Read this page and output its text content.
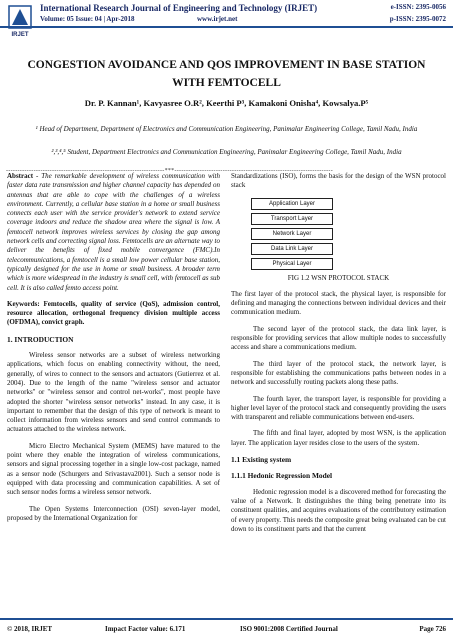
IRJET
International Research Journal of Engineering and Technology (IRJET)
Volume: 05 Issue: 04 | Apr-2018	www.irjet.net
e-ISSN: 2395-0056
p-ISSN: 2395-0072
CONGESTION AVOIDANCE AND QOS IMPROVEMENT IN BASE STATION WITH FEMTOCELL
Dr. P. Kannan¹, Kavyasree O.R², Keerthi P³, Kamakoni Onisha⁴, Kowsalya.P⁵
¹ Head of Department, Department of Electronics and Communication Engineering, Panimalar Engineering College, Tamil Nadu, India
²,³,⁴,⁵ Student, Department Electronics and Communication Engineering, Panimalar Engineering College, Tamil Nadu, India
---------------------------------------------------------------------***---------------------------------------------------------------------

Abstract - The remarkable development of wireless communication with faster data rate transmission and higher channel capacity has depended on antennas that are able to cope with the challenges of a wireless environment. Currently, a cellular base station in a home or small business connects each user with the service provider's network to extend service coverage indoors and reduce the shadow area where the signal is low. A femtocell network improves wireless services by closing the gap among network cells and correcting signal loss. Femtocells are an alternate way to deliver the benefits of fixed mobile convergence (FMC).In telecommunications, a femtocell is a small low power cellular base station, typically designed for the use in home or small business. A broader term which is more widespread in the industry is small cell, with femtocell as sub cell. It is also called femto access point.

Keywords: Femtocells, quality of service (QoS), admission control, resource allocation, orthogonal frequency division multiple access (OFDMA), convict graph.

1. INTRODUCTION

Wireless sensor networks are a subset of wireless networking applications, which focus on enabling connectivity without, the need, generally, of wires to connect to the sensors and actuators (Gutierrez et al. 2004). Due to the length of the name "wireless sensor and actuator networks" or "wireless sensor and control net-works", most people have adopted the shorter "wireless sensor networks" instead. In any case, it is important to remember that the design of this type of network is meant to collect information from wireless sensors and send control commands to actuators attached to the wireless network.

Micro Electro Mechanical System (MEMS) have matured to the point where they enable the integration of wireless communications, sensors and signal processing together in a single low-cost package, named as a sensor node (Schurgers and Srivastava2001). Such a sensor node is equipped with data processing and communication capabilities. A set of such sensor nodes forms a wireless sensor network.

The Open Systems Interconnection (OSI) seven-layer model, proposed by the International Organization for

Standardizations (ISO), forms the basis for the design of the WSN protocol stack

Application Layer
Transport Layer
Network Layer
Data Link Layer
Physical Layer

FIG 1.2 WSN PROTOCOL STACK

The first layer of the protocol stack, the physical layer, is responsible for defining and managing the connections between individual devices and their communication medium.

The second layer of the protocol stack, the data link layer, is responsible for providing services that allow multiple nodes to successfully access and share a communications medium.

The third layer of the protocol stack, the network layer, is responsible for establishing the communications paths between nodes in a network and successfully routing packets along these paths.

The fourth layer, the transport layer, is responsible for providing a higher level layer of the protocol stack and consequently providing the users with transparent and reliable communications between end-users.

The fifth and final layer, adopted by most WSN, is the application layer. The application layer resides close to the users of the system.

1.1 Existing system
1.1.1 Hedonic Regression Model

Hedonic regression model is a discovered method for forecasting the value of a Network. It distinguishes the thing being penetrate into its constituent qualities, and acquires evaluations of the contributory estimation of every property. This needs the composite great being evaluated can be cut down to its constituent parts and that the current

© 2018, IRJET	Impact Factor value: 6.171	ISO 9001:2008 Certified Journal	Page 726
